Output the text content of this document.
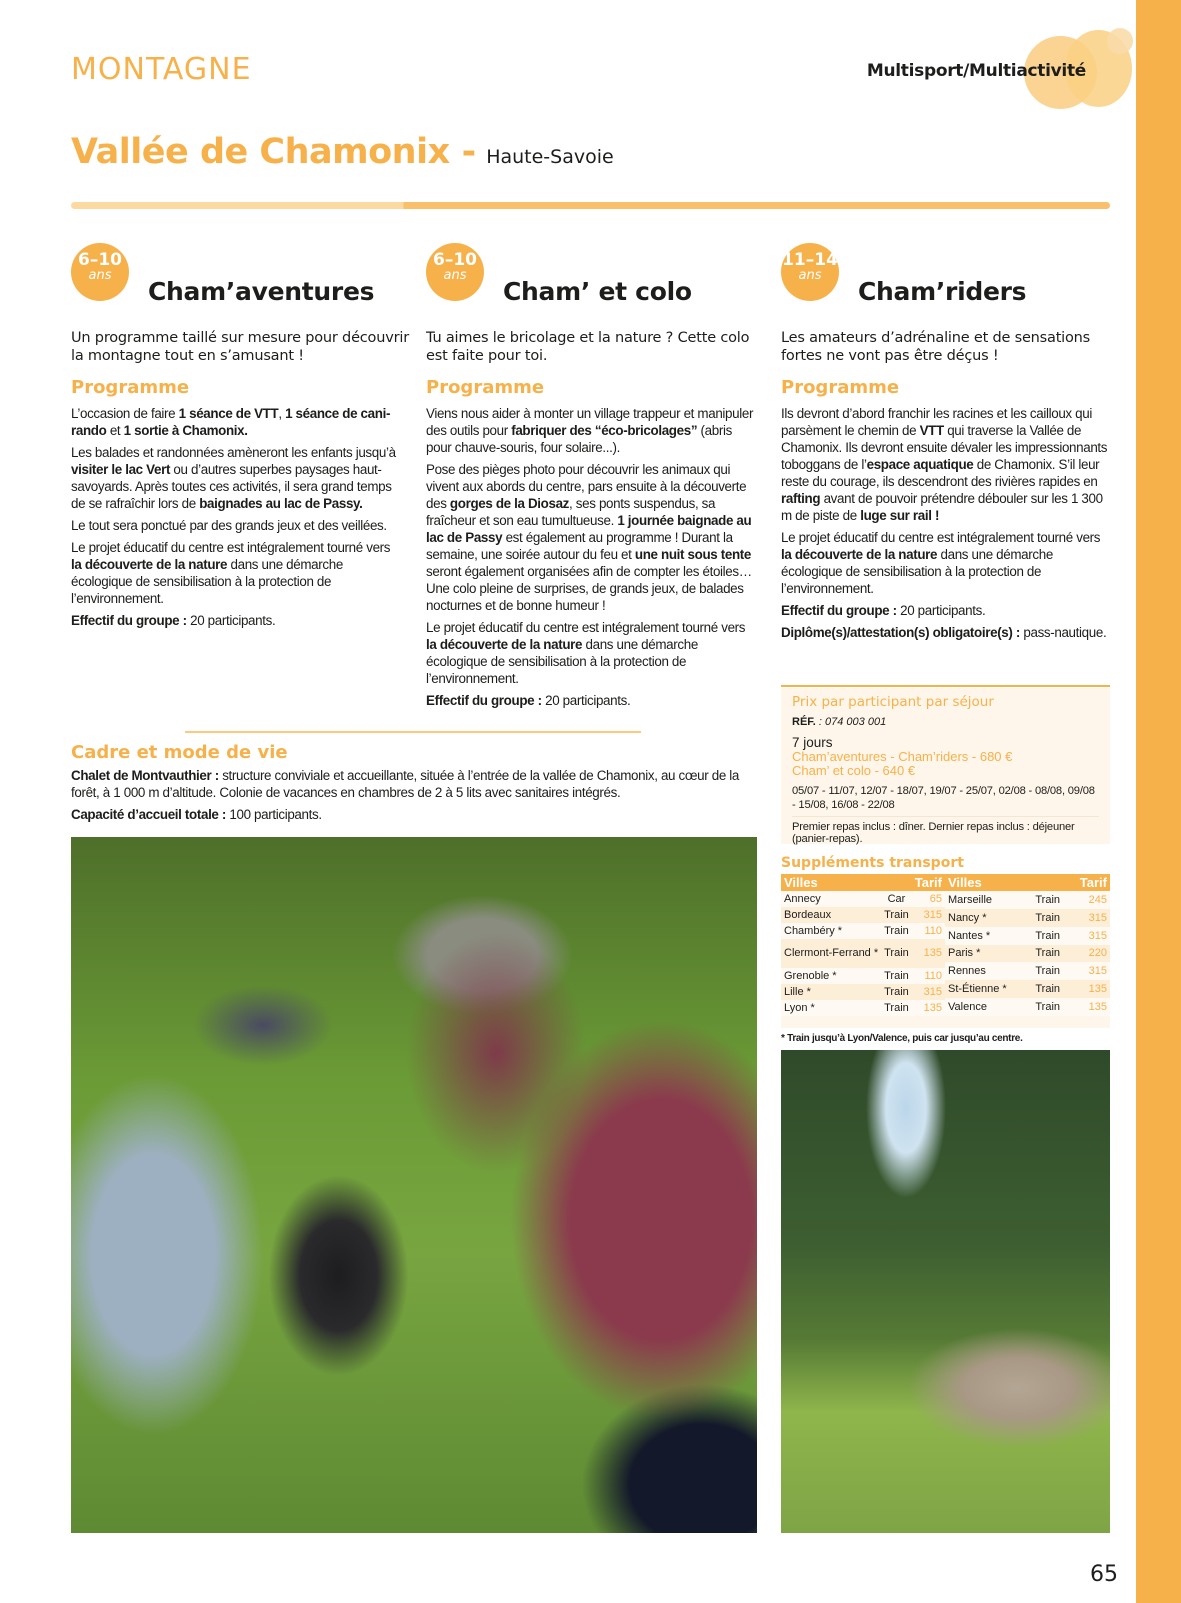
MONTAGNE	Multisport/Multiactivité
Vallée de Chamonix - Haute-Savoie
6–10
ans
Cham’aventures
Un programme taillé sur mesure pour découvrir la montagne tout en s’amusant !
Programme

L’occasion de faire 1 séance de VTT, 1 séance de cani-rando et 1 sortie à Chamonix.

Les balades et randonnées amèneront les enfants jusqu’à visiter le lac Vert ou d’autres superbes paysages haut-savoyards. Après toutes ces activités, il sera grand temps de se rafraîchir lors de baignades au lac de Passy.

Le tout sera ponctué par des grands jeux et des veillées.

Le projet éducatif du centre est intégralement tourné vers la découverte de la nature dans une démarche écologique de sensibilisation à la protection de l’environnement.

Effectif du groupe : 20 participants.

6–10
ans
Cham’ et colo
Tu aimes le bricolage et la nature ? Cette colo est faite pour toi.
Programme

Viens nous aider à monter un village trappeur et manipuler des outils pour fabriquer des “éco-bricolages” (abris pour chauve-souris, four solaire...).

Pose des pièges photo pour découvrir les animaux qui vivent aux abords du centre, pars ensuite à la découverte des gorges de la Diosaz, ses ponts suspendus, sa fraîcheur et son eau tumultueuse. 1 journée baignade au lac de Passy est également au programme ! Durant la semaine, une soirée autour du feu et une nuit sous tente seront également organisées afin de compter les étoiles… Une colo pleine de surprises, de grands jeux, de balades nocturnes et de bonne humeur !

Le projet éducatif du centre est intégralement tourné vers la découverte de la nature dans une démarche écologique de sensibilisation à la protection de l’environnement.

Effectif du groupe : 20 participants.

11–14
ans
Cham’riders
Les amateurs d’adrénaline et de sensations fortes ne vont pas être déçus !
Programme

Ils devront d’abord franchir les racines et les cailloux qui parsèment le chemin de VTT qui traverse la Vallée de Chamonix. Ils devront ensuite dévaler les impressionnants toboggans de l’espace aquatique de Chamonix. S’il leur reste du courage, ils descendront des rivières rapides en rafting avant de pouvoir prétendre débouler sur les 1 300 m de piste de luge sur rail !

Le projet éducatif du centre est intégralement tourné vers la découverte de la nature dans une démarche écologique de sensibilisation à la protection de l’environnement.

Effectif du groupe : 20 participants.

Diplôme(s)/attestation(s) obligatoire(s) : pass-nautique.

Cadre et mode de vie

Chalet de Montvauthier : structure conviviale et accueillante, située à l’entrée de la vallée de Chamonix, au cœur de la forêt, à 1 000 m d’altitude. Colonie de vacances en chambres de 2 à 5 lits avec sanitaires intégrés.

Capacité d’accueil totale : 100 participants.

Prix par participant par séjour
RÉF. : 074 003 001
7 jours
Cham’aventures - Cham’riders - 680 €
Cham’ et colo - 640 €
05/07 - 11/07, 12/07 - 18/07, 19/07 - 25/07, 02/08 - 08/08, 09/08 - 15/08, 16/08 - 22/08
Premier repas inclus : dîner. Dernier repas inclus : déjeuner (panier-repas).
Suppléments transport
Villes		Tarif
Annecy	Car	65
Bordeaux	Train	315
Chambéry *	Train	110
Clermont-Ferrand *	Train	135
Grenoble *	Train	110
Lille *	Train	315
Lyon *	Train	135
Villes		Tarif
Marseille	Train	245
Nancy *	Train	315
Nantes *	Train	315
Paris *	Train	220
Rennes	Train	315
St-Étienne *	Train	135
Valence	Train	135
* Train jusqu’à Lyon/Valence, puis car jusqu’au centre.
65
